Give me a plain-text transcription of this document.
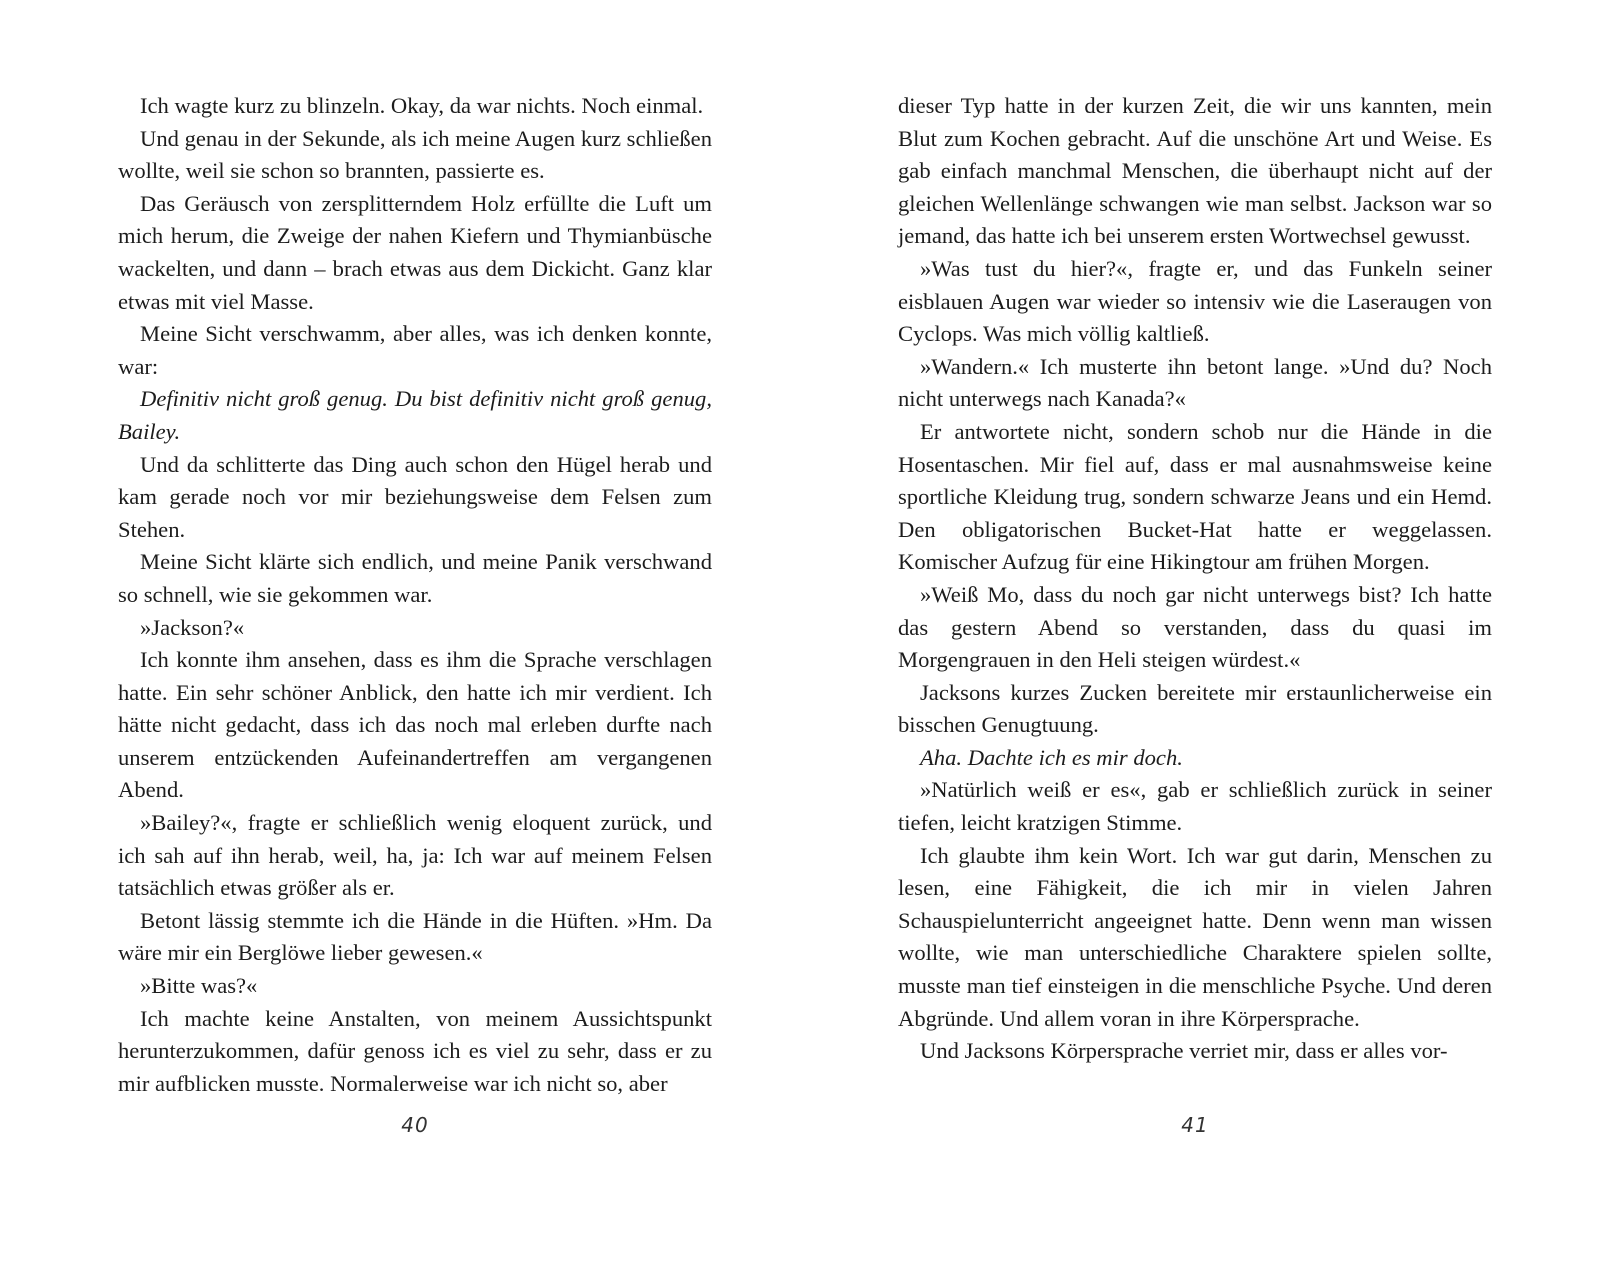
Ich wagte kurz zu blinzeln. Okay, da war nichts. Noch einmal.

Und genau in der Sekunde, als ich meine Augen kurz schließen wollte, weil sie schon so brannten, passierte es.

Das Geräusch von zersplitterndem Holz erfüllte die Luft um mich herum, die Zweige der nahen Kiefern und Thymianbüsche wackelten, und dann – brach etwas aus dem Dickicht. Ganz klar etwas mit viel Masse.

Meine Sicht verschwamm, aber alles, was ich denken konnte, war:

Definitiv nicht groß genug. Du bist definitiv nicht groß genug, Bailey.

Und da schlitterte das Ding auch schon den Hügel herab und kam gerade noch vor mir beziehungsweise dem Felsen zum Stehen.

Meine Sicht klärte sich endlich, und meine Panik verschwand so schnell, wie sie gekommen war.

»Jackson?«

Ich konnte ihm ansehen, dass es ihm die Sprache verschlagen hatte. Ein sehr schöner Anblick, den hatte ich mir verdient. Ich hätte nicht gedacht, dass ich das noch mal erleben durfte nach unserem entzückenden Aufeinandertreffen am vergangenen Abend.

»Bailey?«, fragte er schließlich wenig eloquent zurück, und ich sah auf ihn herab, weil, ha, ja: Ich war auf meinem Felsen tatsächlich etwas größer als er.

Betont lässig stemmte ich die Hände in die Hüften. »Hm. Da wäre mir ein Berglöwe lieber gewesen.«

»Bitte was?«

Ich machte keine Anstalten, von meinem Aussichtspunkt herunterzukommen, dafür genoss ich es viel zu sehr, dass er zu mir aufblicken musste. Normalerweise war ich nicht so, aber

40

dieser Typ hatte in der kurzen Zeit, die wir uns kannten, mein Blut zum Kochen gebracht. Auf die unschöne Art und Weise. Es gab einfach manchmal Menschen, die überhaupt nicht auf der gleichen Wellenlänge schwangen wie man selbst. Jackson war so jemand, das hatte ich bei unserem ersten Wortwechsel gewusst.

»Was tust du hier?«, fragte er, und das Funkeln seiner eisblauen Augen war wieder so intensiv wie die Laseraugen von Cyclops. Was mich völlig kaltließ.

»Wandern.« Ich musterte ihn betont lange. »Und du? Noch nicht unterwegs nach Kanada?«

Er antwortete nicht, sondern schob nur die Hände in die Hosentaschen. Mir fiel auf, dass er mal ausnahmsweise keine sportliche Kleidung trug, sondern schwarze Jeans und ein Hemd. Den obligatorischen Bucket-Hat hatte er weggelassen. Komischer Aufzug für eine Hikingtour am frühen Morgen.

»Weiß Mo, dass du noch gar nicht unterwegs bist? Ich hatte das gestern Abend so verstanden, dass du quasi im Morgengrauen in den Heli steigen würdest.«

Jacksons kurzes Zucken bereitete mir erstaunlicherweise ein bisschen Genugtuung.

Aha. Dachte ich es mir doch.

»Natürlich weiß er es«, gab er schließlich zurück in seiner tiefen, leicht kratzigen Stimme.

Ich glaubte ihm kein Wort. Ich war gut darin, Menschen zu lesen, eine Fähigkeit, die ich mir in vielen Jahren Schauspielunterricht angeeignet hatte. Denn wenn man wissen wollte, wie man unterschiedliche Charaktere spielen sollte, musste man tief einsteigen in die menschliche Psyche. Und deren Abgründe. Und allem voran in ihre Körpersprache.

Und Jacksons Körpersprache verriet mir, dass er alles vor-

41
